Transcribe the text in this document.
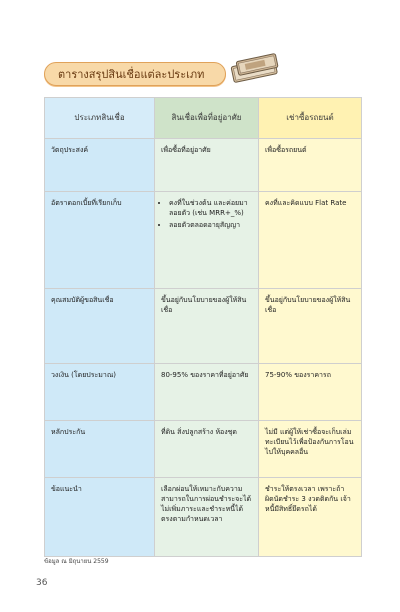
ตารางสรุปสินเชื่อแต่ละประเภท
ประเภทสินเชื่อ	สินเชื่อเพื่อที่อยู่อาศัย	เช่าซื้อรถยนต์
วัตถุประสงค์	เพื่อซื้อที่อยู่อาศัย	เพื่อซื้อรถยนต์
อัตราดอกเบี้ยที่เรียกเก็บ
•	คงที่ในช่วงต้น และค่อยมาลอยตัว (เช่น MRR+_%)
• ลอยตัวตลอดอายุสัญญา
คงที่และคิดแบบ Flat Rate
คุณสมบัติผู้ขอสินเชื่อ	ขึ้นอยู่กับนโยบายของผู้ให้สินเชื่อ
ขึ้นอยู่กับนโยบายของผู้ให้สินเชื่อ
วงเงิน (โดยประมาณ)	80-95% ของราคาที่อยู่อาศัย	75-90% ของราคารถ
หลักประกัน	ที่ดิน สิ่งปลูกสร้าง ห้องชุด	ไม่มี แต่ผู้ให้เช่าซื้อจะเก็บเล่มทะเบียนไว้เพื่อป้องกันการโอนไปให้บุคคลอื่น
ข้อแนะนำ	เลือกผ่อนให้เหมาะกับความสามารถในการผ่อนชำระจะได้ไม่เพิ่มภาระและชำระหนี้ได้ตรงตามกำหนดเวลา
ชำระให้ตรงเวลา เพราะถ้าผิดนัดชำระ 3 งวดติดกัน เจ้าหนี้มีสิทธิ์ยึดรถได้
ข้อมูล ณ มิถุนายน 2559
36
